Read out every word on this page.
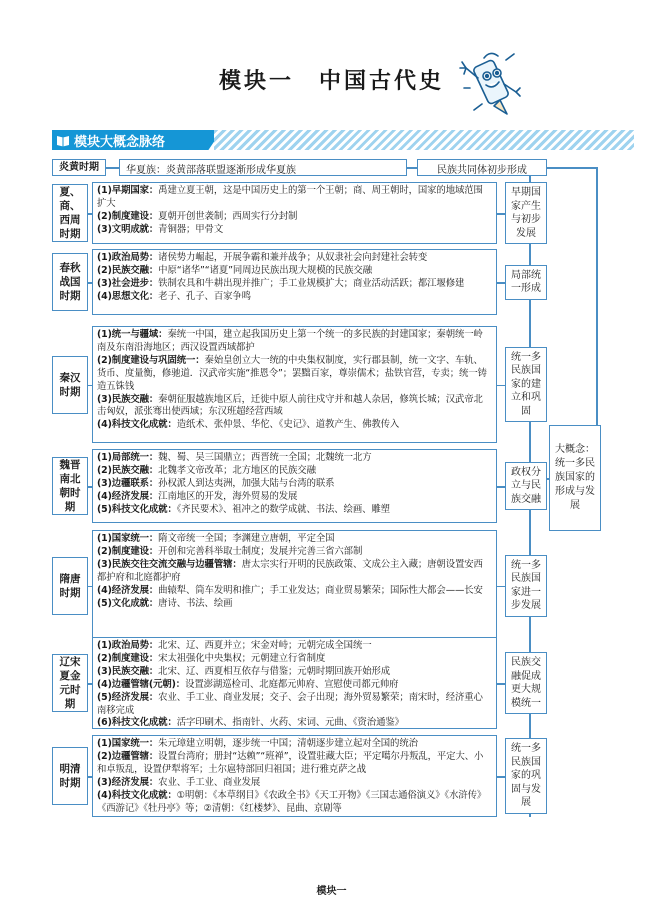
模块一　中国古代史
模块大概念脉络
炎黄时期	华夏族：炎黄部落联盟逐渐形成华夏族	民族共同体初步形成
大概念：统一多民族国家的形成与发展
夏、商、西周时期

(1)早期国家：禹建立夏王朝，这是中国历史上的第一个王朝；商、周王朝时，国家的地域范围扩大

(2)制度建设：夏朝开创世袭制；西周实行分封制

(3)文明成就：青铜器；甲骨文

早期国家产生与初步发展
春秋战国时期

(1)政治局势：诸侯势力崛起，开展争霸和兼并战争；从奴隶社会向封建社会转变

(2)民族交融：中原“诸华”“诸夏”同周边民族出现大规模的民族交融

(3)社会进步：铁制农具和牛耕出现并推广；手工业规模扩大；商业活动活跃；都江堰修建

(4)思想文化：老子、孔子、百家争鸣

局部统一形成
秦汉时期

(1)统一与疆域：秦统一中国，建立起我国历史上第一个统一的多民族的封建国家；秦朝统一岭南及东南沿海地区；西汉设置西域都护

(2)制度建设与巩固统一：秦始皇创立大一统的中央集权制度，实行郡县制，统一文字、车轨、货币、度量衡，修驰道．汉武帝实施“推恩令”；罢黜百家，尊崇儒术；盐铁官营，专卖；统一铸造五铢钱

(3)民族交融：秦朝征服越族地区后，迁徙中原人前往戍守并和越人杂居，修筑长城；汉武帝北击匈奴，派张骞出使西域；东汉班超经营西域

(4)科技文化成就：造纸术、张仲景、华佗、《史记》、道教产生、佛教传入

统一多民族国家的建立和巩固
魏晋南北朝时期

(1)局部统一：魏、蜀、吴三国鼎立；西晋统一全国；北魏统一北方

(2)民族交融：北魏孝文帝改革；北方地区的民族交融

(3)边疆联系：孙权派人到达夷洲，加强大陆与台湾的联系

(4)经济发展：江南地区的开发，海外贸易的发展

(5)科技文化成就：《齐民要术》、祖冲之的数学成就、书法、绘画、雕塑

政权分立与民族交融
隋唐时期

(1)国家统一：隋文帝统一全国；李渊建立唐朝，平定全国

(2)制度建设：开创和完善科举取士制度；发展并完善三省六部制

(3)民族交往交流交融与边疆管辖：唐太宗实行开明的民族政策、文成公主入藏；唐朝设置安西都护府和北庭都护府

(4)经济发展：曲辕犁、筒车发明和推广；手工业发达；商业贸易繁荣；国际性大都会——长安

(5)文化成就：唐诗、书法、绘画

统一多民族国家进一步发展
辽宋夏金元时期

(1)政治局势：北宋、辽、西夏并立；宋金对峙；元朝完成全国统一

(2)制度建设：宋太祖强化中央集权；元朝建立行省制度

(3)民族交融：北宋、辽、西夏相互依存与借鉴；元朝时期回族开始形成

(4)边疆管辖(元朝)：设置澎湖巡检司、北庭都元帅府、宣慰使司都元帅府

(5)经济发展：农业、手工业、商业发展；交子、会子出现；海外贸易繁荣；南宋时，经济重心南移完成

(6)科技文化成就：活字印刷术、指南针、火药、宋词、元曲、《资治通鉴》

民族交融促成更大规模统一
明清时期

(1)国家统一：朱元璋建立明朝，逐步统一中国；清朝逐步建立起对全国的统治

(2)边疆管辖：设置台湾府；册封“达赖”“班禅”，设置驻藏大臣；平定噶尔丹叛乱，平定大、小和卓叛乱，设置伊犁将军；土尔扈特部回归祖国；进行雅克萨之战

(3)经济发展：农业、手工业、商业发展

(4)科技文化成就：①明朝：《本草纲目》《农政全书》《天工开物》《三国志通俗演义》《水浒传》《西游记》《牡丹亭》等；②清朝：《红楼梦》、昆曲、京剧等

统一多民族国家的巩固与发展
模块一
